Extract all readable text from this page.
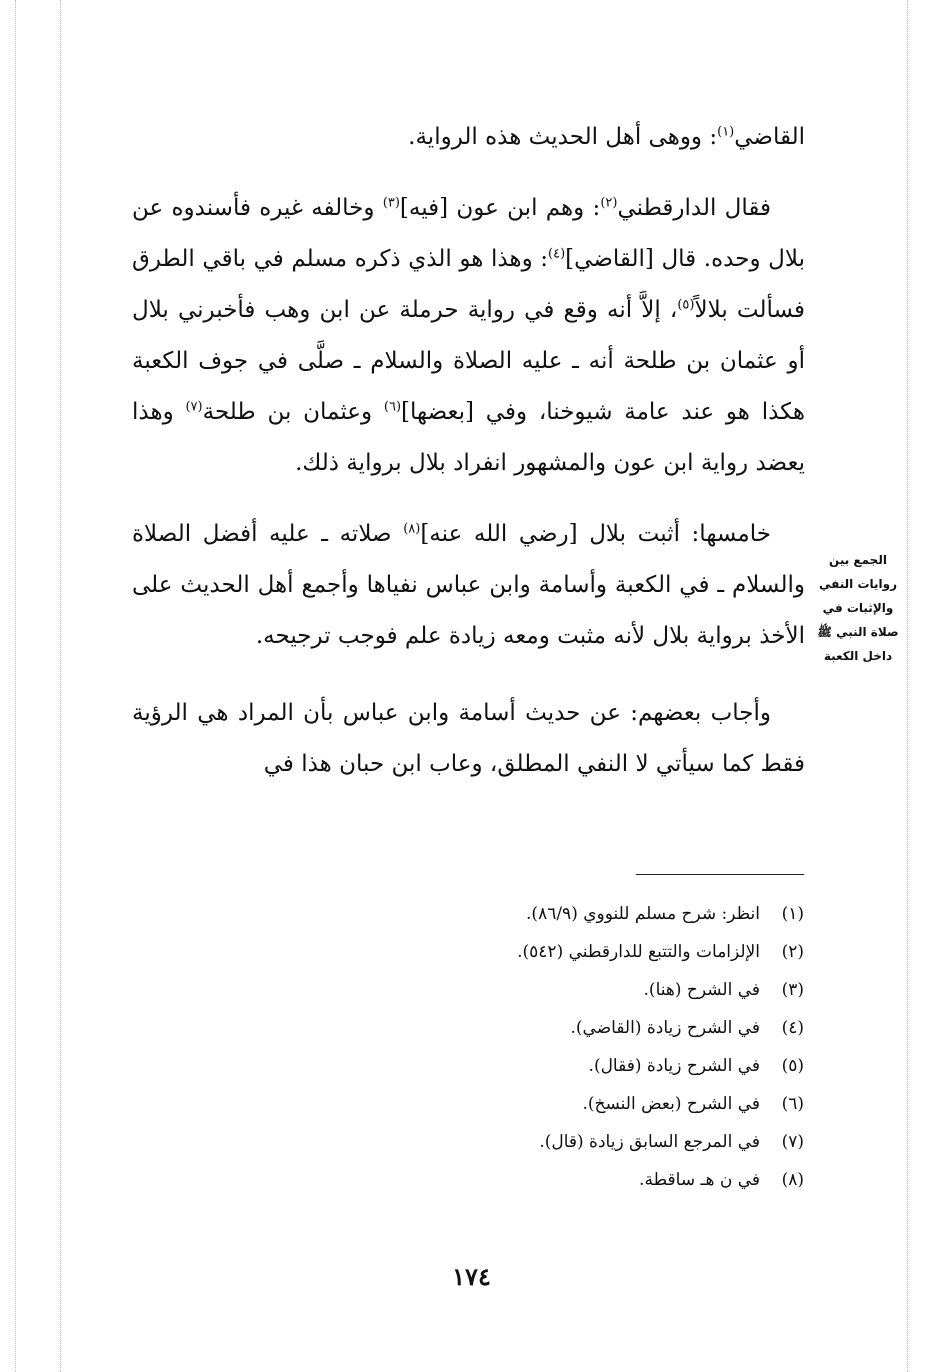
القاضي$^{(١)}$: ووهى أهل الحديث هذه الرواية.

فقال الدارقطني$^{(٢)}$: وهم ابن عون [فيه]$^{(٣)}$ وخالفه غيره فأسندوه عن بلال وحده. قال [القاضي]$^{(٤)}$: وهذا هو الذي ذكره مسلم في باقي الطرق فسألت بلالاً$^{(٥)}$، إلاَّ أنه وقع في رواية حرملة عن ابن وهب فأخبرني بلال أو عثمان بن طلحة أنه ـ عليه الصلاة والسلام ـ صلَّى في جوف الكعبة هكذا هو عند عامة شيوخنا، وفي [بعضها]$^{(٦)}$ وعثمان بن طلحة$^{(٧)}$ وهذا يعضد رواية ابن عون والمشهور انفراد بلال برواية ذلك.

خامسها: أثبت بلال [رضي الله عنه]$^{(٨)}$ صلاته ـ عليه أفضل الصلاة والسلام ـ في الكعبة وأسامة وابن عباس نفياها وأجمع أهل الحديث على الأخذ برواية بلال لأنه مثبت ومعه زيادة علم فوجب ترجيحه.

وأجاب بعضهم: عن حديث أسامة وابن عباس بأن المراد هي الرؤية فقط كما سيأتي لا النفي المطلق، وعاب ابن حبان هذا في

الجمع بين
روايات النفي
والإثبات في
صلاة النبي ﷺ
داخل الكعبة
(١)انظر: شرح مسلم للنووي (٨٦/٩).
(٢)الإلزامات والتتبع للدارقطني (٥٤٢).
(٣)في الشرح (هنا).
(٤)في الشرح زيادة (القاضي).
(٥)في الشرح زيادة (فقال).
(٦)في الشرح (بعض النسخ).
(٧)في المرجع السابق زيادة (قال).
(٨)في ن هـ ساقطة.
١٧٤
